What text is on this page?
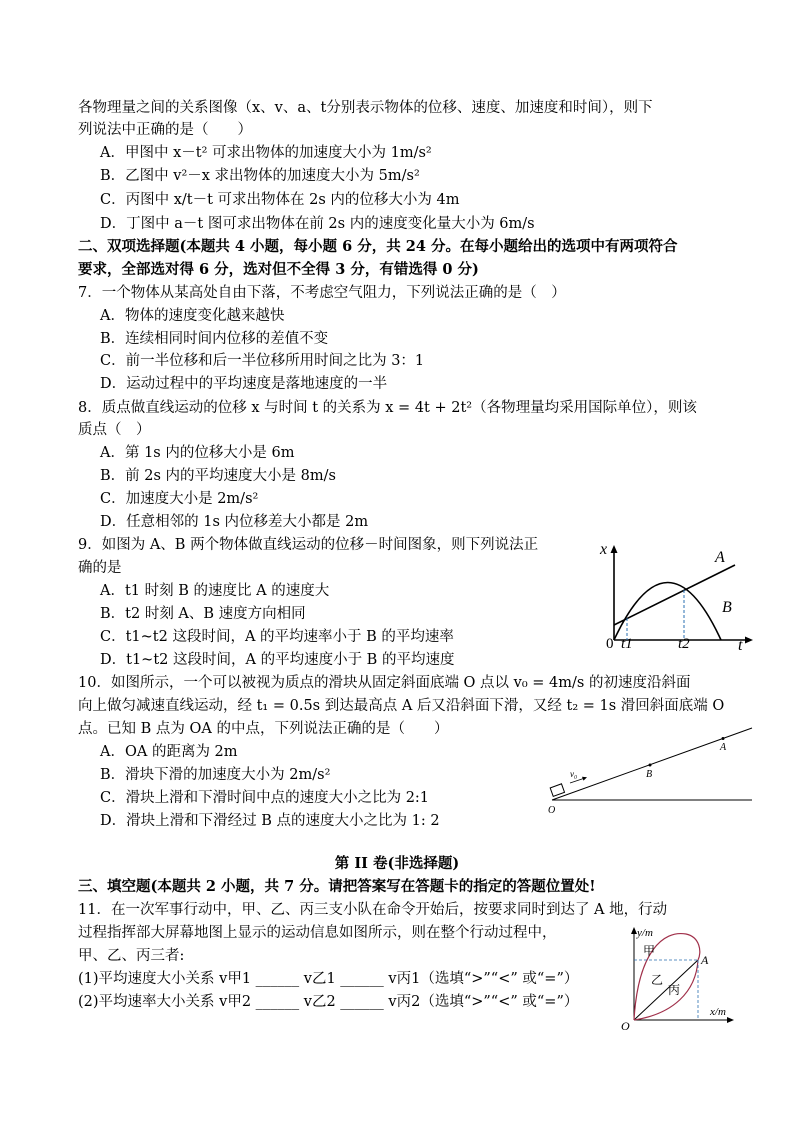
各物理量之间的关系图像（x、v、a、t分别表示物体的位移、速度、加速度和时间），则下
列说法中正确的是（　　）
A．甲图中 x－t² 可求出物体的加速度大小为 1m/s²
B．乙图中 v²－x 求出物体的加速度大小为 5m/s²
C．丙图中 x/t－t 可求出物体在 2s 内的位移大小为 4m
D．丁图中 a－t 图可求出物体在前 2s 内的速度变化量大小为 6m/s
二、双项选择题(本题共 4 小题，每小题 6 分，共 24 分。在每小题给出的选项中有两项符合
要求，全部选对得 6 分，选对但不全得 3 分，有错选得 0 分)
7．一个物体从某高处自由下落，不考虑空气阻力，下列说法正确的是（　）
A．物体的速度变化越来越快
B．连续相同时间内位移的差值不变
C．前一半位移和后一半位移所用时间之比为 3：1
D．运动过程中的平均速度是落地速度的一半
8．质点做直线运动的位移 x 与时间 t 的关系为 x = 4t + 2t²（各物理量均采用国际单位），则该
质点（　）
A．第 1s 内的位移大小是 6m
B．前 2s 内的平均速度大小是 8m/s
C．加速度大小是 2m/s²
D．任意相邻的 1s 内位移差大小都是 2m
9．如图为 A、B 两个物体做直线运动的位移－时间图象，则下列说法正
确的是
A．t1 时刻 B 的速度比 A 的速度大
B．t2 时刻 A、B 速度方向相同
C．t1~t2 这段时间，A 的平均速率小于 B 的平均速率
D．t1~t2 这段时间，A 的平均速度小于 B 的平均速度
x
t
0 t1	t2
A
B
10．如图所示，一个可以被视为质点的滑块从固定斜面底端 O 点以 v₀ = 4m/s 的初速度沿斜面
向上做匀减速直线运动，经 t₁ = 0.5s 到达最高点 A 后又沿斜面下滑，又经 t₂ = 1s 滑回斜面底端 O
点。已知 B 点为 OA 的中点，下列说法正确的是（　　）
A．OA 的距离为 2m
B．滑块下滑的加速度大小为 2m/s²
C．滑块上滑和下滑时间中点的速度大小之比为 2:1
D．滑块上滑和下滑经过 B 点的速度大小之比为 1: 2
O
B
A
v₀
第 II 卷(非选择题)
三、填空题(本题共 2 小题，共 7 分。请把答案写在答题卡的指定的答题位置处!
11．在一次军事行动中，甲、乙、丙三支小队在命令开始后，按要求同时到达了 A 地，行动
过程指挥部大屏幕地图上显示的运动信息如图所示，则在整个行动过程中，
甲、乙、丙三者:
(1)平均速度大小关系 v甲1 ______ v乙1 ______ v丙1（选填“>”“<” 或“=”）
(2)平均速率大小关系 v甲2 ______ v乙2 ______ v丙2（选填“>”“<” 或“=”）
y/m
x/m
O
A
甲
乙
丙
